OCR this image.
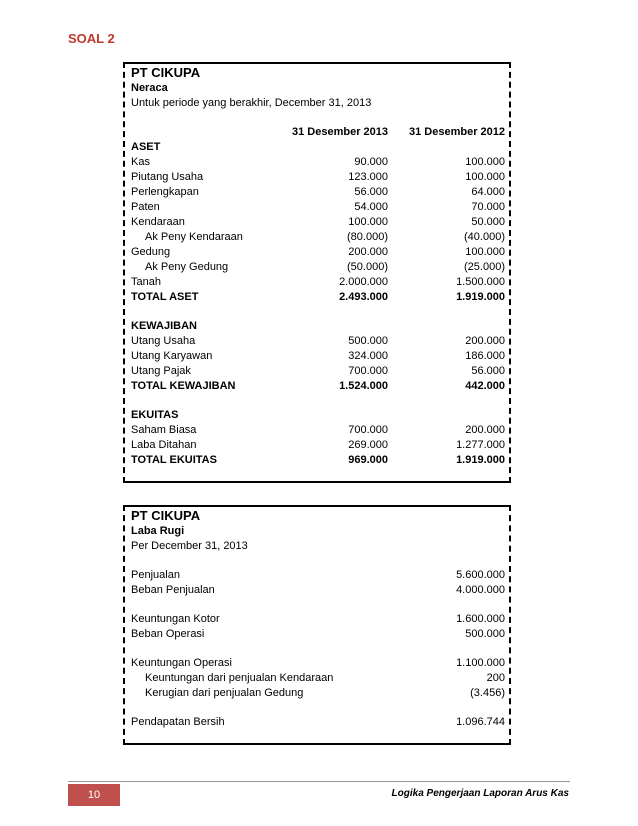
SOAL 2
PT CIKUPA
Neraca
Untuk periode yang berakhir, December 31, 2013
31 Desember 2013 31 Desember 2012
ASET
Kas	90.000	100.000
Piutang Usaha	123.000	100.000
Perlengkapan	56.000	64.000
Paten	54.000	70.000
Kendaraan	100.000	50.000
Ak Peny Kendaraan	(80.000)	(40.000)
Gedung	200.000	100.000
Ak Peny Gedung	(50.000)	(25.000)
Tanah	2.000.000	1.500.000
TOTAL ASET	2.493.000	1.919.000
KEWAJIBAN
Utang Usaha	500.000	200.000
Utang Karyawan	324.000	186.000
Utang Pajak	700.000	56.000
TOTAL KEWAJIBAN	1.524.000	442.000
EKUITAS
Saham Biasa	700.000	200.000
Laba Ditahan	269.000	1.277.000
TOTAL EKUITAS	969.000	1.919.000
PT CIKUPA
Laba Rugi
Per December 31, 2013
Penjualan	5.600.000
Beban Penjualan	4.000.000
Keuntungan Kotor	1.600.000
Beban Operasi	500.000
Keuntungan Operasi	1.100.000
Keuntungan dari penjualan Kendaraan	200
Kerugian dari penjualan Gedung	(3.456)
Pendapatan Bersih	1.096.744
10	Logika Pengerjaan Laporan Arus Kas
